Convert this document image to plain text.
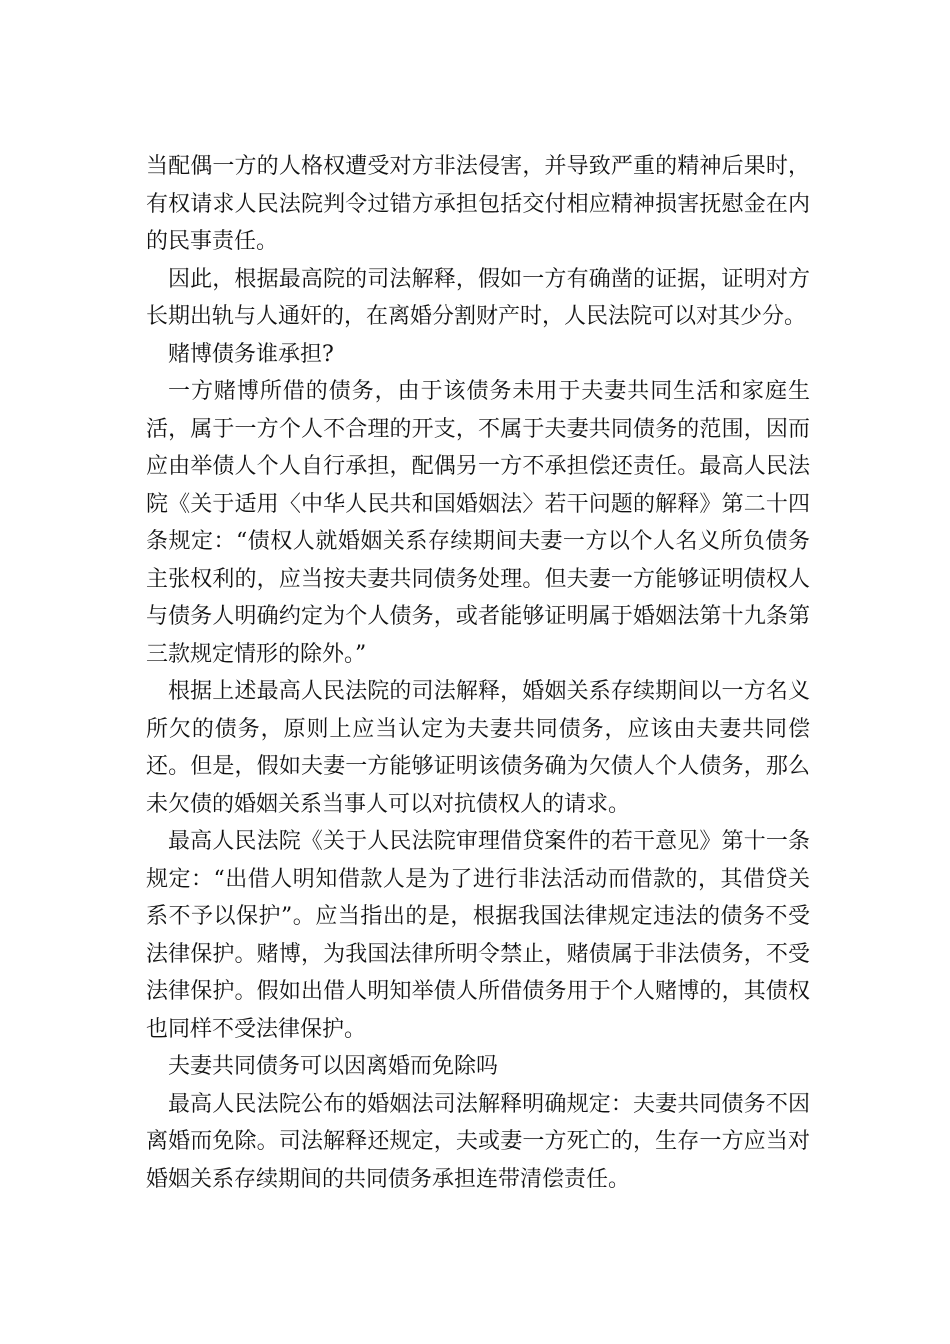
当配偶一方的人格权遭受对方非法侵害，并导致严重的精神后果时，有权请求人民法院判令过错方承担包括交付相应精神损害抚慰金在内的民事责任。

因此，根据最高院的司法解释，假如一方有确凿的证据，证明对方长期出轨与人通奸的，在离婚分割财产时，人民法院可以对其少分。

赌博债务谁承担?

一方赌博所借的债务，由于该债务未用于夫妻共同生活和家庭生活，属于一方个人不合理的开支，不属于夫妻共同债务的范围，因而应由举债人个人自行承担，配偶另一方不承担偿还责任。最高人民法院《关于适用〈中华人民共和国婚姻法〉若干问题的解释》第二十四条规定：“债权人就婚姻关系存续期间夫妻一方以个人名义所负债务主张权利的，应当按夫妻共同债务处理。但夫妻一方能够证明债权人与债务人明确约定为个人债务，或者能够证明属于婚姻法第十九条第三款规定情形的除外。”

根据上述最高人民法院的司法解释，婚姻关系存续期间以一方名义所欠的债务，原则上应当认定为夫妻共同债务，应该由夫妻共同偿还。但是，假如夫妻一方能够证明该债务确为欠债人个人债务，那么未欠债的婚姻关系当事人可以对抗债权人的请求。

最高人民法院《关于人民法院审理借贷案件的若干意见》第十一条规定：“出借人明知借款人是为了进行非法活动而借款的，其借贷关系不予以保护”。应当指出的是，根据我国法律规定违法的债务不受法律保护。赌博，为我国法律所明令禁止，赌债属于非法债务，不受法律保护。假如出借人明知举债人所借债务用于个人赌博的，其债权也同样不受法律保护。

夫妻共同债务可以因离婚而免除吗

最高人民法院公布的婚姻法司法解释明确规定：夫妻共同债务不因离婚而免除。司法解释还规定，夫或妻一方死亡的，生存一方应当对婚姻关系存续期间的共同债务承担连带清偿责任。
